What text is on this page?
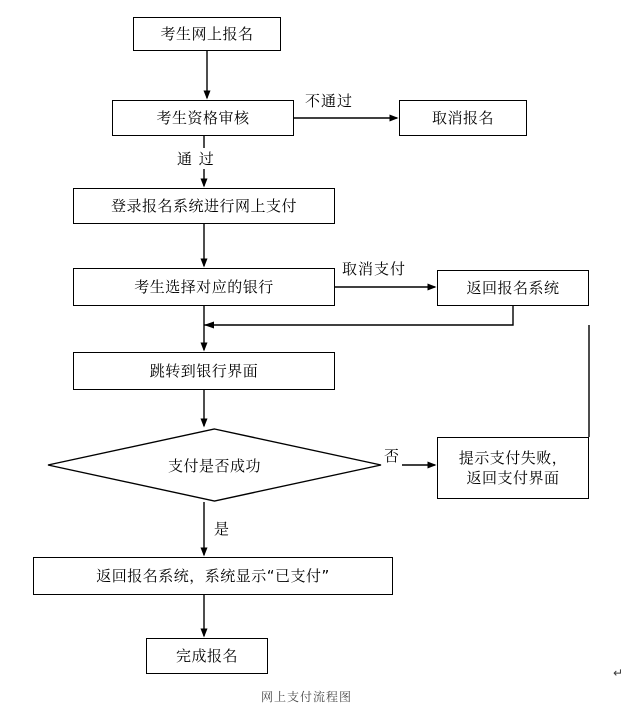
考生网上报名
考生资格审核	取消报名
登录报名系统进行网上支付
考生选择对应的银行	返回报名系统
跳转到银行界面
返回报名系统，系统显示“已支付”
完成报名
提示支付失败，
返回支付界面
支付是否成功
不通过
通 过
取消支付
否
是
网上支付流程图
↵
